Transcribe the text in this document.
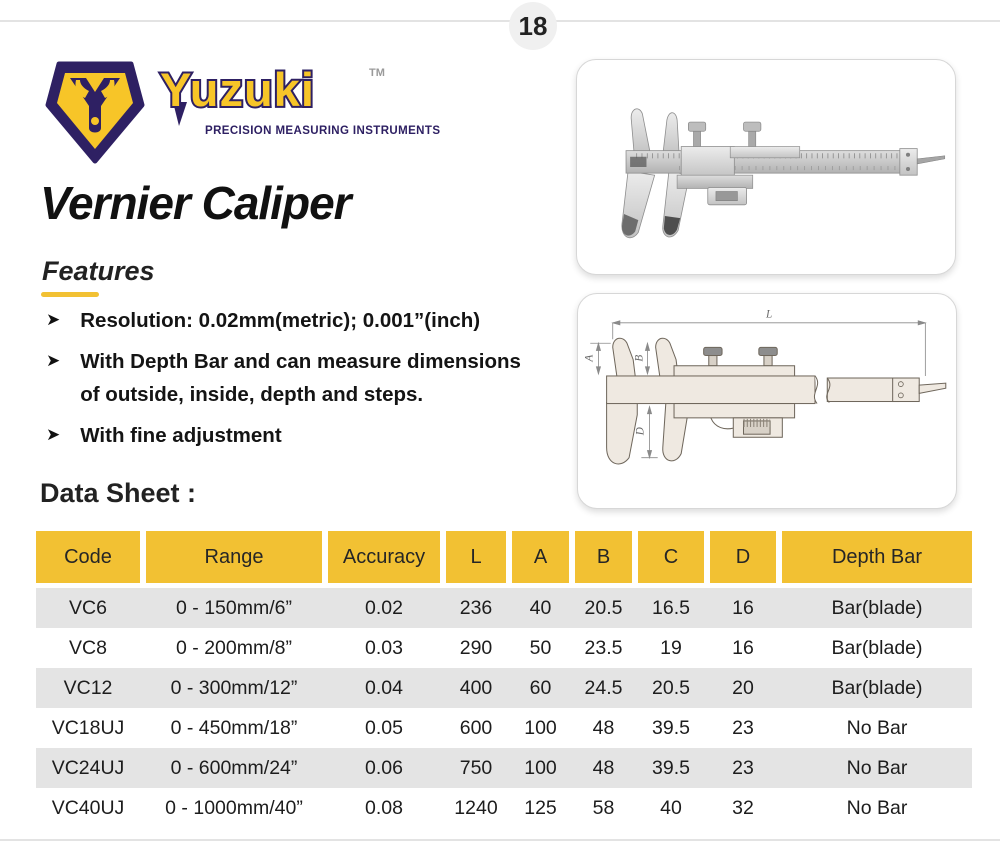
18
Yuzuki	TM
PRECISION MEASURING INSTRUMENTS
Vernier Caliper
Features
➤ Resolution: 0.02mm(metric); 0.001”(inch)
➤ With Depth Bar and can measure dimensions
of outside, inside, depth and steps.
➤ With fine adjustment
Data Sheet :
Code	Range	Accuracy	L	A	B	C	D	Depth Bar
VC6	0 - 150mm/6”	0.02	236	40	20.5	16.5	16	Bar(blade)
VC8	0 - 200mm/8”	0.03	290	50	23.5	19	16	Bar(blade)
VC12	0 - 300mm/12”	0.04	400	60	24.5	20.5	20	Bar(blade)
VC18UJ	0 - 450mm/18”	0.05	600	100	48	39.5	23	No Bar
VC24UJ	0 - 600mm/24”	0.06	750	100	48	39.5	23	No Bar
VC40UJ	0 - 1000mm/40”	0.08	1240	125	58	40	32	No Bar
L
A	B
D
